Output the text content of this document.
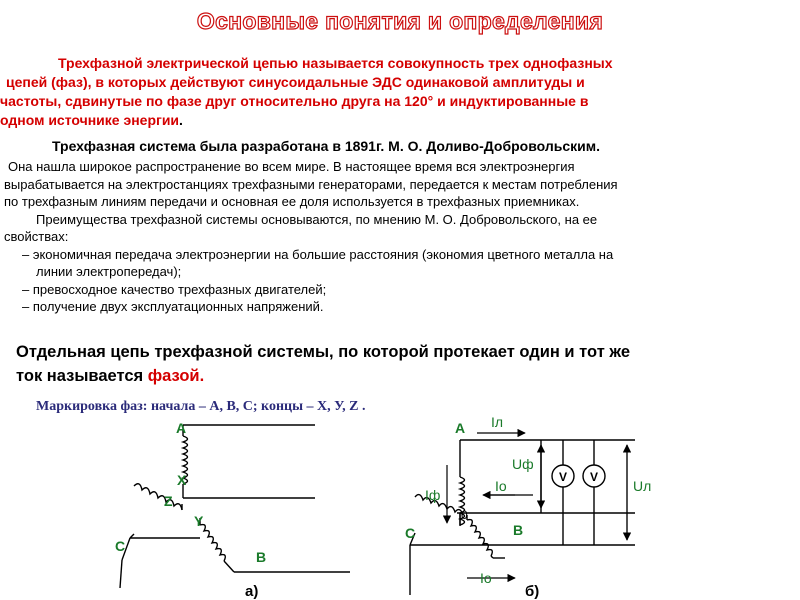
Основные понятия и определения
Трехфазной электрической цепью называется совокупность трех однофазных
цепей (фаз), в которых действуют синусоидальные ЭДС одинаковой амплитуды и
частоты, сдвинутые по фазе друг относительно друга на 120° и индуктированные в
одном источнике энергии.
Трехфазная система была разработана в 1891г. М. О. Доливо-Добровольским.
Она нашла широкое распространение во всем мире. В настоящее время вся электроэнергия
вырабатывается на электростанциях трехфазными генераторами, передается к местам потребления
по трехфазным линиям передачи и основная ее доля используется в трехфазных приемниках.
Преимущества трехфазной системы основываются, по мнению М. О. Добровольского, на ее
свойствах:
– экономичная передача электроэнергии на большие расстояния (экономия цветного металла на
линии электропередач);
– превосходное качество трехфазных двигателей;
– получение двух эксплуатационных напряжений.
Отдельная цепь трехфазной системы, по которой протекает один и тот же
ток называется фазой.
Маркировка фаз: начала – А, В, С; концы – X, У, Z .
A
X
Z
Y
C
B
а)
A
C	B
Iл
Iф
Io
Uф
Uл
Io
V V
0
б)
